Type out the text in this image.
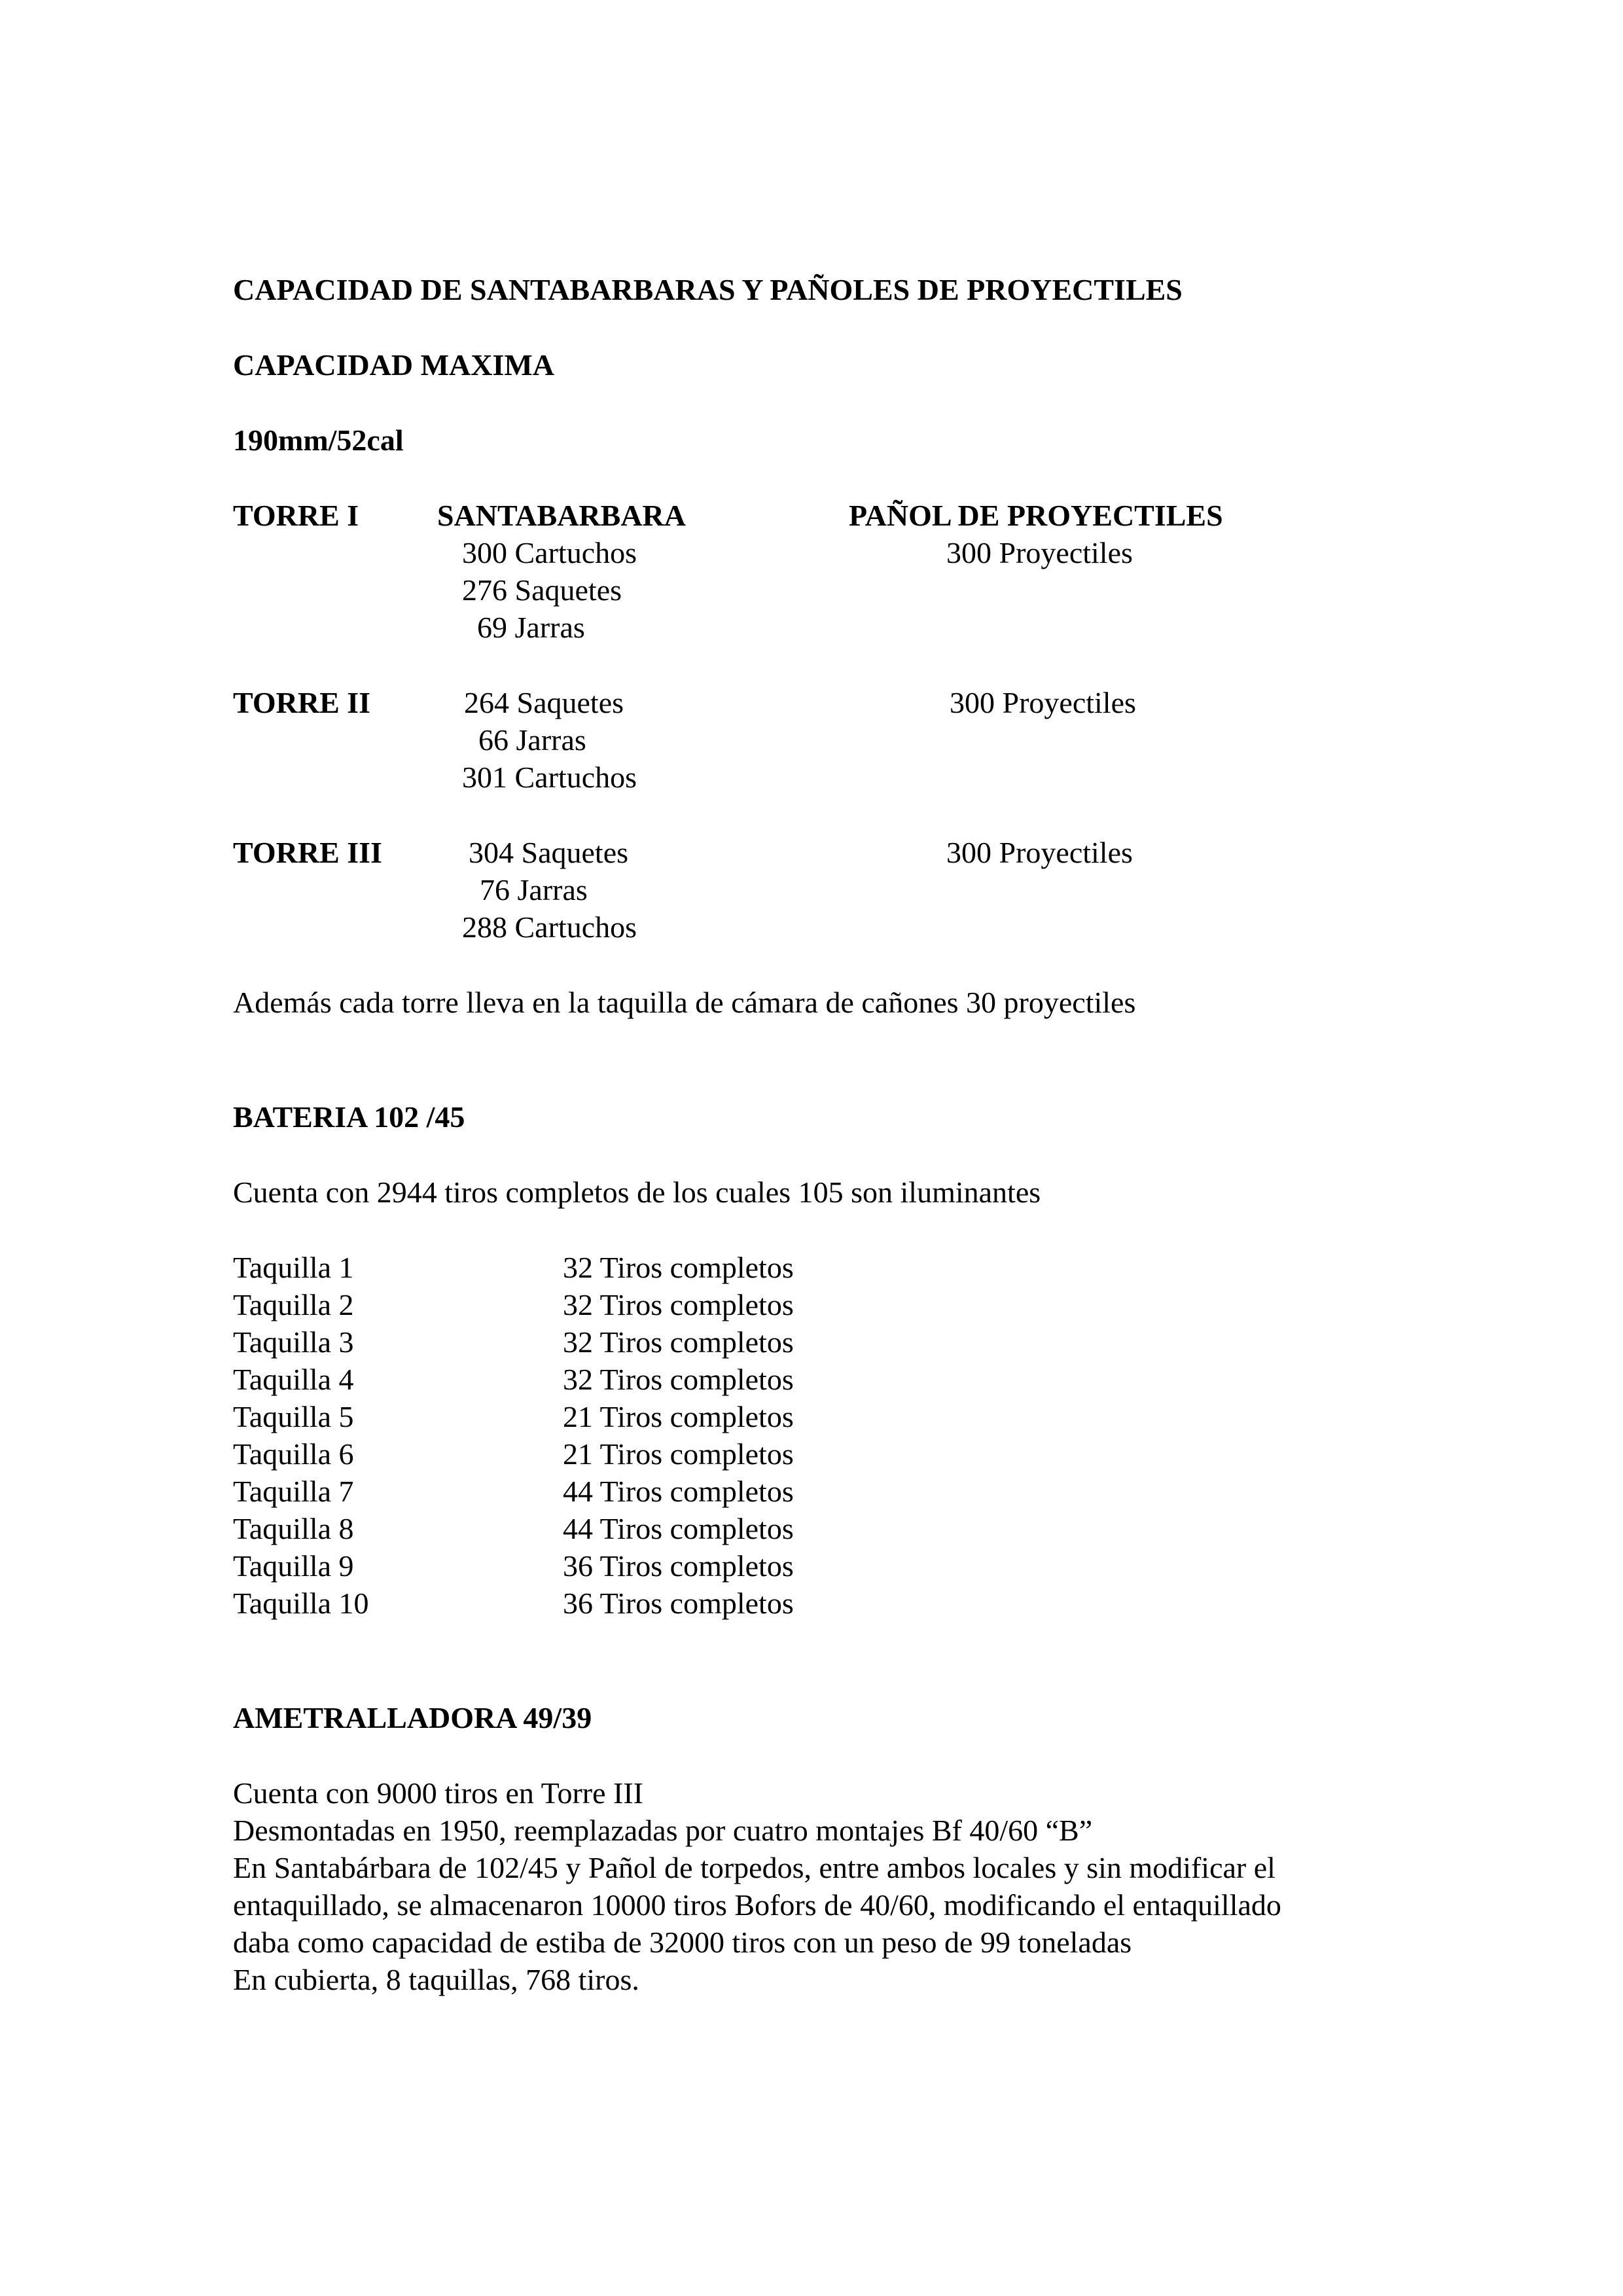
CAPACIDAD DE SANTABARBARAS Y PAÑOLES DE PROYECTILES
CAPACIDAD MAXIMA
190mm/52cal
TORRE I	SANTABARBARA	PAÑOL DE PROYECTILES
300 Cartuchos	300 Proyectiles
276 Saquetes
69 Jarras
TORRE II	264 Saquetes	300 Proyectiles
66 Jarras
301 Cartuchos
TORRE III	304 Saquetes	300 Proyectiles
76 Jarras
288 Cartuchos
Además cada torre lleva en la taquilla de cámara de cañones 30 proyectiles
BATERIA 102 /45
Cuenta con 2944 tiros completos de los cuales 105 son iluminantes
Taquilla 1	32 Tiros completos
Taquilla 2	32 Tiros completos
Taquilla 3	32 Tiros completos
Taquilla 4	32 Tiros completos
Taquilla 5	21 Tiros completos
Taquilla 6	21 Tiros completos
Taquilla 7	44 Tiros completos
Taquilla 8	44 Tiros completos
Taquilla 9	36 Tiros completos
Taquilla 10	36 Tiros completos
AMETRALLADORA 49/39
Cuenta con 9000 tiros en Torre III
Desmontadas en 1950, reemplazadas por cuatro montajes Bf 40/60 “B”
En Santabárbara de 102/45 y Pañol de torpedos, entre ambos locales y sin modificar el
entaquillado, se almacenaron 10000 tiros Bofors de 40/60, modificando el entaquillado
daba como capacidad de estiba de 32000 tiros con un peso de 99 toneladas
En cubierta, 8 taquillas, 768 tiros.
